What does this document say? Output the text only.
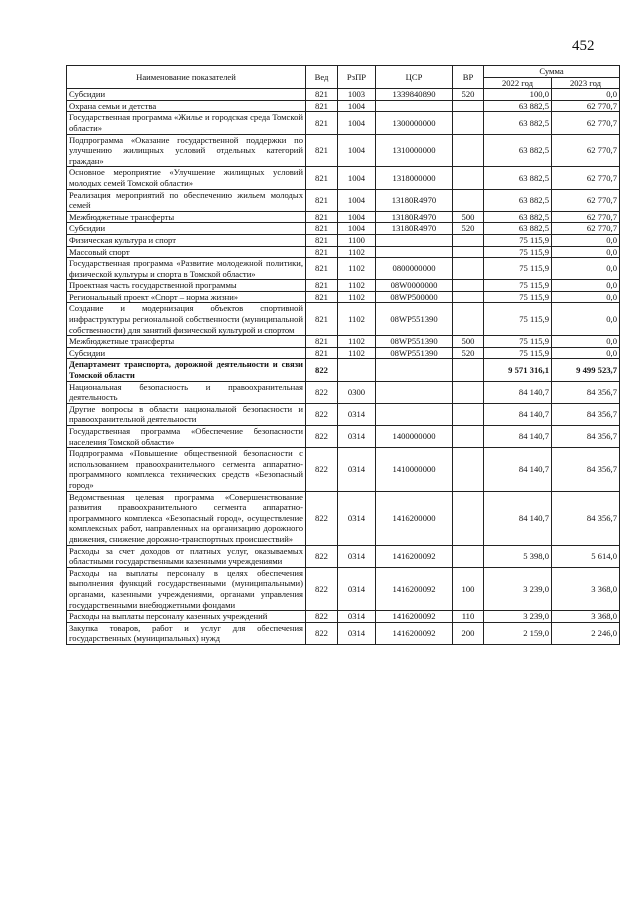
452
Наименование показателей	Вед	РзПР	ЦСР	ВР	Сумма	
					2022 год	2023 год
Субсидии	821	1003	1339840890	520	100,0	0,0
Охрана семьи и детства	821	1004			63 882,5	62 770,7
Государственная программа «Жилье и городская среда Томской области»	821	1004	1300000000		63 882,5	62 770,7
Подпрограмма «Оказание государственной поддержки по улучшению жилищных условий отдельных категорий граждан»	821	1004	1310000000		63 882,5	62 770,7
Основное мероприятие «Улучшение жилищных условий молодых семей Томской области»	821	1004	1318000000		63 882,5	62 770,7
Реализация мероприятий по обеспечению жильем молодых семей	821	1004	13180R4970		63 882,5	62 770,7
Межбюджетные трансферты	821	1004	13180R4970	500	63 882,5	62 770,7
Субсидии	821	1004	13180R4970	520	63 882,5	62 770,7
Физическая культура и спорт	821	1100			75 115,9	0,0
Массовый спорт	821	1102			75 115,9	0,0
Государственная программа «Развитие молодежной политики, физической культуры и спорта в Томской области»	821	1102	0800000000		75 115,9	0,0
Проектная часть государственной программы	821	1102	08W0000000		75 115,9	0,0
Региональный проект «Спорт – норма жизни»	821	1102	08WP500000		75 115,9	0,0
Создание и модернизация объектов спортивной инфраструктуры региональной собственности (муниципальной собственности) для занятий физической культурой и спортом	821	1102	08WP551390		75 115,9	0,0
Межбюджетные трансферты	821	1102	08WP551390	500	75 115,9	0,0
Субсидии	821	1102	08WP551390	520	75 115,9	0,0
Департамент транспорта, дорожной деятельности и связи Томской области	822				9 571 316,1	9 499 523,7
Национальная безопасность и правоохранительная деятельность	822	0300			84 140,7	84 356,7
Другие вопросы в области национальной безопасности и правоохранительной деятельности	822	0314			84 140,7	84 356,7
Государственная программа «Обеспечение безопасности населения Томской области»	822	0314	1400000000		84 140,7	84 356,7
Подпрограмма «Повышение общественной безопасности с использованием правоохранительного сегмента аппаратно-программного комплекса технических средств «Безопасный город»	822	0314	1410000000		84 140,7	84 356,7
Ведомственная целевая программа «Совершенствование развития правоохранительного сегмента аппаратно-программного комплекса «Безопасный город», осуществление комплексных работ, направленных на организацию дорожного движения, снижение дорожно-транспортных происшествий»	822	0314	1416200000		84 140,7	84 356,7
Расходы за счет доходов от платных услуг, оказываемых областными государственными казенными учреждениями	822	0314	1416200092		5 398,0	5 614,0
Расходы на выплаты персоналу в целях обеспечения выполнения функций государственными (муниципальными) органами, казенными учреждениями, органами управления государственными внебюджетными фондами	822	0314	1416200092	100	3 239,0	3 368,0
Расходы на выплаты персоналу казенных учреждений	822	0314	1416200092	110	3 239,0	3 368,0
Закупка товаров, работ и услуг для обеспечения государственных (муниципальных) нужд	822	0314	1416200092	200	2 159,0	2 246,0
